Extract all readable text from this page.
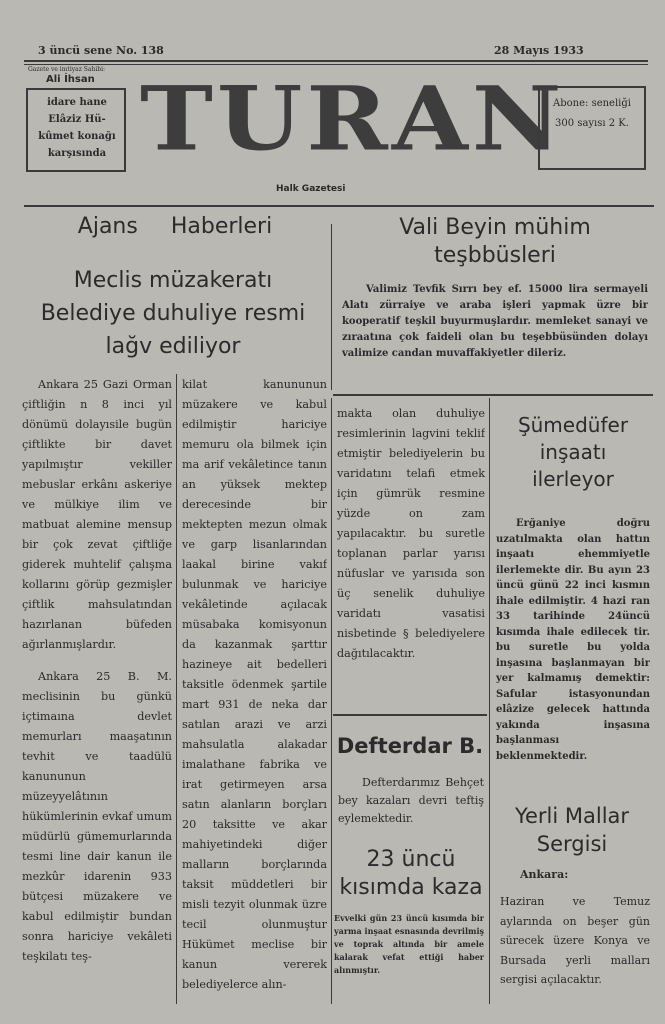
3 üncü sene No. 138	28 Mayıs 1933
Gazete ve imtiyaz Sahibi:
Ali İhsan
idare hane Elâziz Hü-kûmet konağı karşısında TURAN
Abone: seneliği 300 sayısı 2 K.
Halk Gazetesi
Ajans Haberleri
Meclis müzakeratı Belediye duhuliye resmi lağv ediliyor

Ankara 25 Gazi Orman çiftliğin n 8 inci yıl dönümü dolayısile bugün çiftlikte bir davet yapılmıştır vekiller mebuslar erkânı askeriye ve mülkiye ilim ve matbuat alemine mensup bir çok zevat çiftliğe giderek muhtelif çalışma kollarını görüp gezmişler çiftlik mahsulatından hazırlanan büfeden ağırlanmışlardır.

Ankara 25 B. M. meclisinin bu günkü içtimaına devlet memurları maaşatının tevhit ve taadülü kanununun müzeyyelâtının hükümlerinin evkaf umum müdürlü gümemurlarında tesmi line dair kanun ile mezkûr idarenin 933 bütçesi müzakere ve kabul edilmiştir bundan sonra hariciye vekâleti teşkilatı teş-

kilat kanununun müzakere ve kabul edilmiştir hariciye memuru ola bilmek için ma arif vekâletince tanın an yüksek mektep derecesinde bir mektepten mezun olmak ve garp lisanlarından laakal birine vakıf bulunmak ve hariciye vekâletinde açılacak müsabaka komisyonun da kazanmak şarttır hazineye ait bedelleri taksitle ödenmek şartile mart 931 de neka dar satılan arazi ve arzi mahsulatla alakadar imalathane fabrika ve irat getirmeyen arsa satın alanların borçları 20 taksitte ve akar mahiyetindeki diğer malların borçlarında taksit müddetleri bir misli tezyit olunmak üzre tecil olunmuştur Hükümet meclise bir kanun vererek belediyelerce alın-
makta olan duhuliye resimlerinin lagvini teklif etmiştir belediyelerin bu varidatını telafi etmek için gümrük resmine yüzde on zam yapılacaktır. bu suretle toplanan parlar yarısı nüfuslar ve yarısıda son üç senelik duhuliye varidatı vasatisi nisbetinde § belediyelere dağıtılacaktır.
Vali Beyin mühim teşbbüsleri
Valimiz Tevfik Sırrı bey ef. 15000 lira sermayeli Alatı zürraiye ve araba işleri yapmak üzre bir kooperatif teşkil buyurmuşlardır. memleket sanayi ve zıraatına çok faideli olan bu teşebbüsünden dolayı valimize candan muvaffakiyetler dileriz.
Defterdar B.
Defterdarımız Behçet bey kazaları devri teftiş eylemektedir.
23 üncü kısımda kaza
Evvelki gün 23 üncü kısımda bir yarma inşaat esnasında devrilmiş ve toprak altında bir amele kalarak vefat ettiği haber alınmıştır.
Şümedüfer inşaatı ilerleyor
Erğaniye doğru uzatılmakta olan hattın inşaatı ehemmiyetle ilerlemekte dir. Bu ayın 23 üncü günü 22 inci kısmın ihale edilmiştir. 4 hazi ran 33 tarihinde 24üncü kısımda ihale edilecek tir. bu suretle bu yolda inşasına başlanmayan bir yer kalmamış demektir: Safular istasyonundan elâzize gelecek hattında yakında inşasına başlanması beklenmektedir.
Yerli Mallar Sergisi
Ankara:
Haziran ve Temuz aylarında on beşer gün sürecek üzere Konya ve Bursada yerli malları sergisi açılacaktır.
